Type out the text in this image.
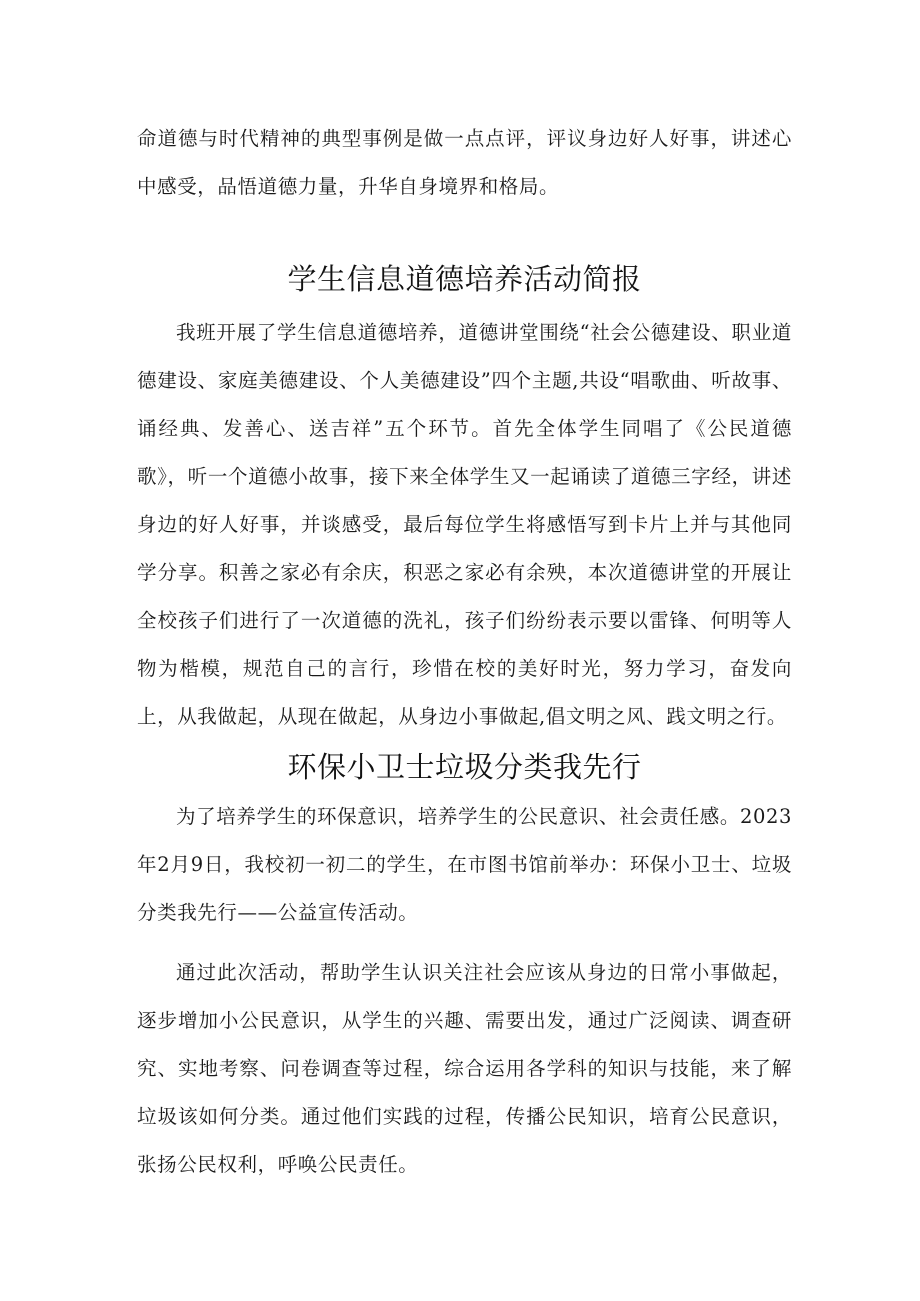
命道德与时代精神的典型事例是做一点点评，评议身边好人好事，讲述心中感受，品悟道德力量，升华自身境界和格局。

学生信息道德培养活动简报

我班开展了学生信息道德培养，道德讲堂围绕“社会公德建设、职业道德建设、家庭美德建设、个人美德建设”四个主题,共设“唱歌曲、听故事、诵经典、发善心、送吉祥”五个环节。首先全体学生同唱了《公民道德歌》，听一个道德小故事，接下来全体学生又一起诵读了道德三字经，讲述身边的好人好事，并谈感受，最后每位学生将感悟写到卡片上并与其他同学分享。积善之家必有余庆，积恶之家必有余殃，本次道德讲堂的开展让全校孩子们进行了一次道德的洗礼，孩子们纷纷表示要以雷锋、何明等人物为楷模，规范自己的言行，珍惜在校的美好时光，努力学习，奋发向上，从我做起，从现在做起，从身边小事做起,倡文明之风、践文明之行。

环保小卫士垃圾分类我先行

为了培养学生的环保意识，培养学生的公民意识、社会责任感。2023年2月9日，我校初一初二的学生，在市图书馆前举办：环保小卫士、垃圾分类我先行——公益宣传活动。

通过此次活动，帮助学生认识关注社会应该从身边的日常小事做起，逐步增加小公民意识，从学生的兴趣、需要出发，通过广泛阅读、调查研究、实地考察、问卷调查等过程，综合运用各学科的知识与技能，来了解垃圾该如何分类。通过他们实践的过程，传播公民知识，培育公民意识，张扬公民权利，呼唤公民责任。
